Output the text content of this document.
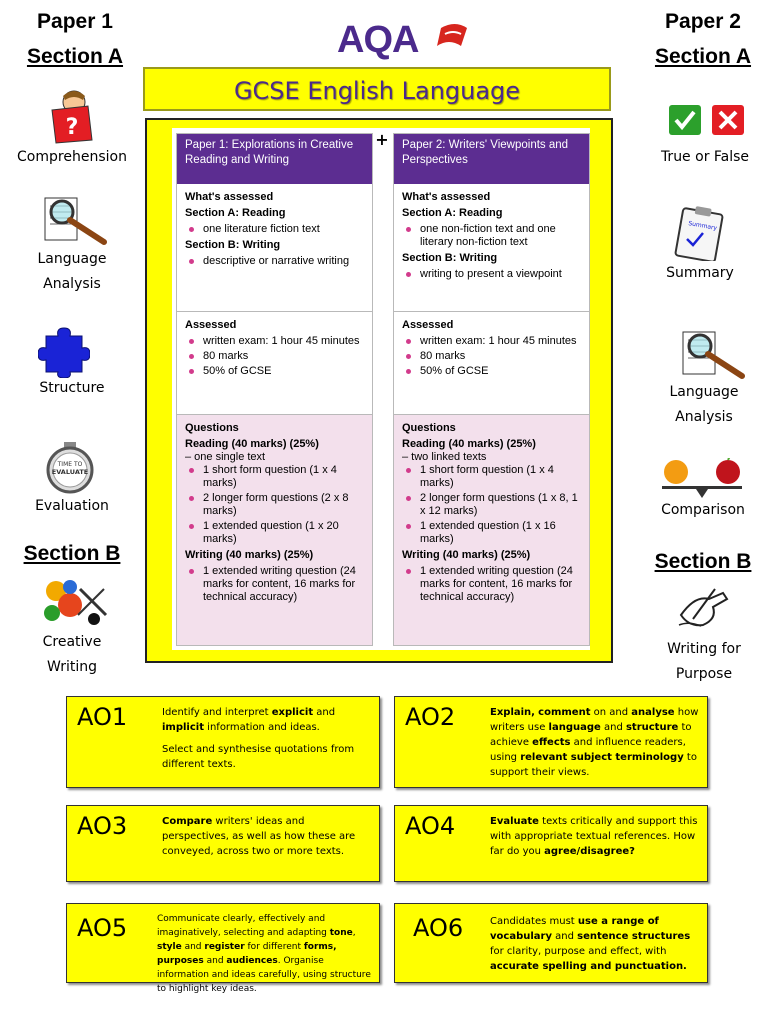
AQA
GCSE English Language
Paper 1
Section A
?
Comprehension
Language Analysis
Structure
TIME TO
EVALUATE
Evaluation
Section B
Creative Writing
Paper 2
Section A
True or False
Summary
Summary
Language Analysis
Comparison
Section B
Writing for Purpose
+
Paper 1: Explorations in Creative Reading and Writing
What's assessed
Section A: Reading
one literature fiction text
Section B: Writing
descriptive or narrative writing
Assessed
written exam: 1 hour 45 minutes
80 marks
50% of GCSE
Questions
Reading (40 marks) (25%)
– one single text
1 short form question (1 x 4 marks)
2 longer form questions (2 x 8 marks)
1 extended question (1 x 20 marks)
Writing (40 marks) (25%)
1 extended writing question (24 marks for content, 16 marks for technical accuracy)
Paper 2: Writers' Viewpoints and Perspectives
What's assessed
Section A: Reading
one non-fiction text and one literary non-fiction text
Section B: Writing
writing to present a viewpoint
Assessed
written exam: 1 hour 45 minutes
80 marks
50% of GCSE
Questions
Reading (40 marks) (25%)
– two linked texts
1 short form question (1 x 4 marks)
2 longer form questions (1 x 8, 1 x 12 marks)
1 extended question (1 x 16 marks)
Writing (40 marks) (25%)
1 extended writing question (24 marks for content, 16 marks for technical accuracy)
AO1	Identify and interpret explicit and implicit information and ideas.

Select and synthesise quotations from different texts.

AO2	Explain, comment on and analyse how writers use language and structure to achieve effects and influence readers, using relevant subject terminology to support their views.

AO3	Compare writers' ideas and perspectives, as well as how these are conveyed, across two or more texts.

AO4	Evaluate texts critically and support this with appropriate textual references. How far do you agree/disagree?

AO5	Communicate clearly, effectively and imaginatively, selecting and adapting tone, style and register for different forms, purposes and audiences. Organise information and ideas carefully, using structure to highlight key ideas.

AO6	Candidates must use a range of vocabulary and sentence structures for clarity, purpose and effect, with accurate spelling and punctuation.
